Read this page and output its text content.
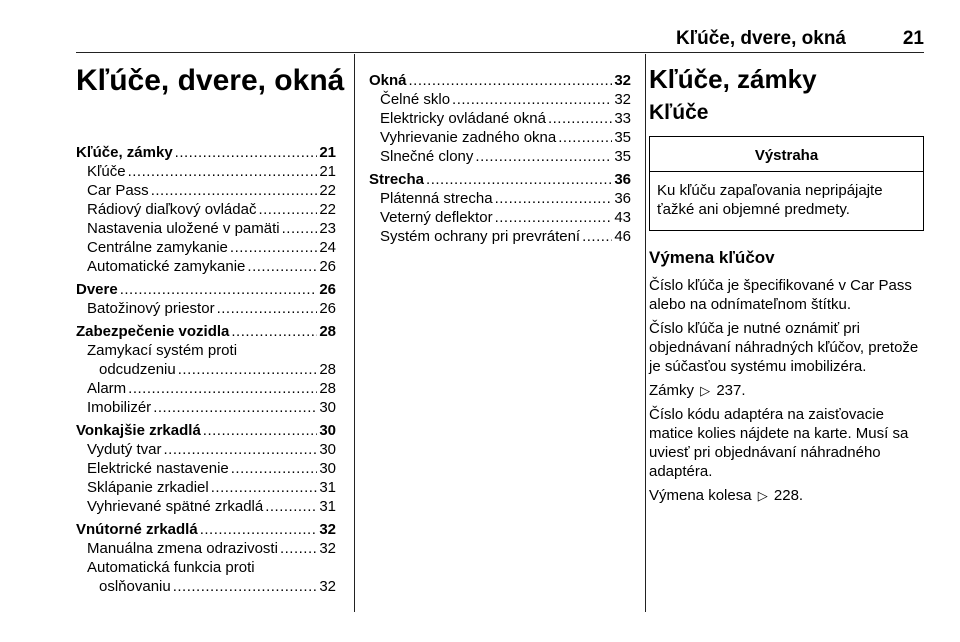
Kľúče, dvere, okná	21
Kľúče, dvere, okná
Kľúče, zámky .....	21
Kľúče .....	21
Car Pass .....	22
Rádiový diaľkový ovládač .....	22
Nastavenia uložené v pamäti .....	23
Centrálne zamykanie .....	24
Automatické zamykanie .....	26
Dvere .....	26
Batožinový priestor .....	26
Zabezpečenie vozidla .....	28
Zamykací systém proti
odcudzeniu .....	28
Alarm .....	28
Imobilizér .....	30
Vonkajšie zrkadlá .....	30
Vydutý tvar .....	30
Elektrické nastavenie .....	30
Sklápanie zrkadiel .....	31
Vyhrievané spätné zrkadlá .....	31
Vnútorné zrkadlá .....	32
Manuálna zmena odrazivosti .....	32
Automatická funkcia proti
oslňovaniu .....	32
Okná .....	32
Čelné sklo .....	32
Elektricky ovládané okná .....	33
Vyhrievanie zadného okna .....	35
Slnečné clony .....	35
Strecha .....	36
Plátenná strecha .....	36
Veterný deflektor .....	43
Systém ochrany pri prevrátení ..... 46
Kľúče, zámky
Kľúče
Výstraha
Ku kľúču zapaľovania nepripájajte ťažké ani objemné predmety.
Výmena kľúčov
Číslo kľúča je špecifikované v Car Pass alebo na odnímateľnom štítku.
Číslo kľúča je nutné oznámiť pri objednávaní náhradných kľúčov, pretože je súčasťou systému imobilizéra.
Zámky ▷ 237.
Číslo kódu adaptéra na zaisťovacie matice kolies nájdete na karte. Musí sa uviesť pri objednávaní náhradného adaptéra.
Výmena kolesa ▷ 228.
